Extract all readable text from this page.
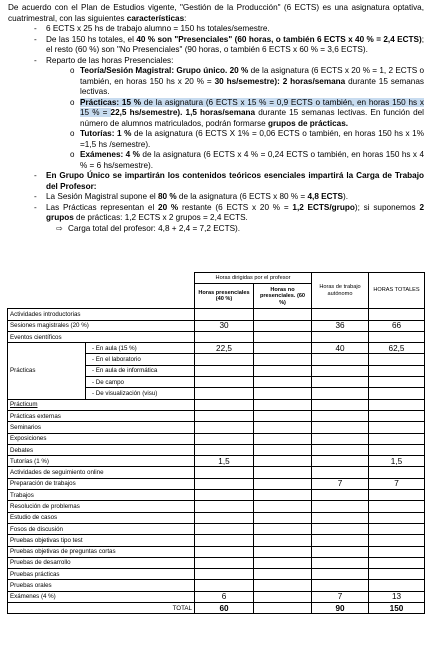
De acuerdo con el Plan de Estudios vigente, "Gestión de la Producción" (6 ECTS) es una asignatura optativa, cuatrimestral, con las siguientes características:

- 6 ECTS x 25 hs de trabajo alumno = 150 hs totales/semestre.
- De las 150 hs totales, el 40 % son "Presenciales" (60 horas, o también 6 ECTS x 40 % = 2,4 ECTS); el resto (60 %) son "No Presenciales" (90 horas, o también 6 ECTS x 60 % = 3,6 ECTS).
- Reparto de las horas Presenciales:
o Teoría/Sesión Magistral: Grupo único. 20 % de la asignatura (6 ECTS x 20 % = 1, 2 ECTS o también, en horas 150 hs x 20 % = 30 hs/semestre): 2 horas/semana durante 15 semanas lectivas.
o Prácticas: 15 % de la asignatura (6 ECTS x 15 % = 0,9 ECTS o también, en horas 150 hs x 15 % = 22,5 hs/semestre). 1,5 horas/semana durante 15 semanas lectivas. En función del número de alumnos matriculados, podrán formarse grupos de prácticas.
o Tutorías: 1 % de la asignatura (6 ECTS X 1% = 0,06 ECTS o también, en horas 150 hs x 1% =1,5 hs /semestre).
o Exámenes: 4 % de la asignatura (6 ECTS x 4 % = 0,24 ECTS o también, en horas 150 hs x 4 % = 6 hs/semestre).
- En Grupo Único se impartirán los contenidos teóricos esenciales impartirá la Carga de Trabajo del Profesor:
- La Sesión Magistral supone el 80 % de la asignatura (6 ECTS x 80 % = 4,8 ECTS).
- Las Prácticas representan el 20 % restante (6 ECTS x 20 % = 1,2 ECTS/grupo); si suponemos 2 grupos de prácticas: 1,2 ECTS x 2 grupos = 2,4 ECTS.
⇨ Carga total del profesor: 4,8 + 2,4 = 7,2 ECTS).
		Horas dirigidas por el profesor		Horas de trabajo autónomo	HORAS TOTALES
		Horas presenciales (40 %)	Horas no presenciales. (60 %)		
Actividades introductorias					
Sesiones magistrales (20 %)		30		36	66
Eventos científicos					
Prácticas	- En aula (15 %)	22,5		40	62,5
	- En el laboratorio				
	- En aula de informática				
	- De campo				
	- De visualización (visu)				
Prácticum					
Prácticas externas					
Seminarios					
Exposiciones					
Debates					
Tutorías (1 %)		1,5			1,5
Actividades de seguimiento online					
Preparación de trabajos				7	7
Trabajos					
Resolución de problemas					
Estudio de casos					
Fosos de discusión					
Pruebas objetivas tipo test					
Pruebas objetivas de preguntas cortas					
Pruebas de desarrollo					
Pruebas prácticas					
Pruebas orales					
Exámenes (4 %)		6		7	13
TOTAL		60		90	150
